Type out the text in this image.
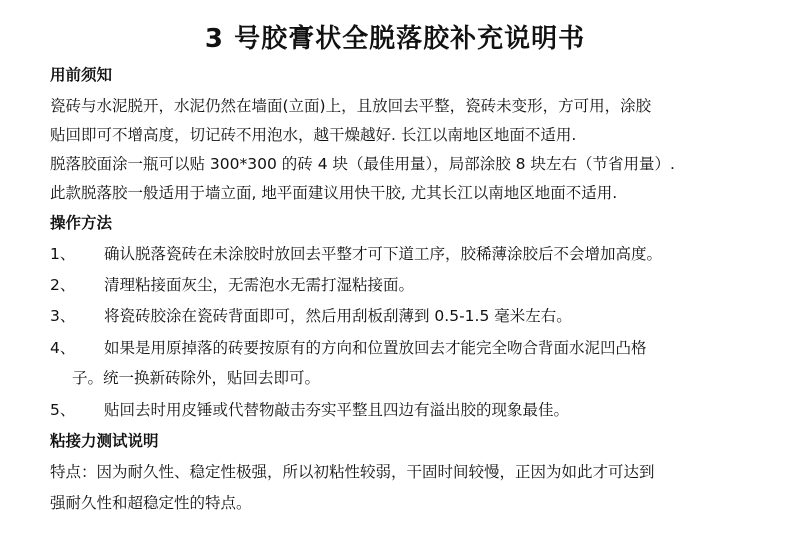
3 号胶膏状全脱落胶补充说明书
用前须知
瓷砖与水泥脱开，水泥仍然在墙面(立面)上，且放回去平整，瓷砖未变形，方可用，涂胶
贴回即可不增高度，切记砖不用泡水，越干燥越好. 长江以南地区地面不适用.
脱落胶面涂一瓶可以贴 300*300 的砖 4 块（最佳用量），局部涂胶 8 块左右（节省用量）.
此款脱落胶一般适用于墙立面, 地平面建议用快干胶, 尤其长江以南地区地面不适用.
操作方法
1、 确认脱落瓷砖在未涂胶时放回去平整才可下道工序，胶稀薄涂胶后不会增加高度。
2、 清理粘接面灰尘，无需泡水无需打湿粘接面。
3、 将瓷砖胶涂在瓷砖背面即可，然后用刮板刮薄到 0.5-1.5 毫米左右。
4、 如果是用原掉落的砖要按原有的方向和位置放回去才能完全吻合背面水泥凹凸格
子。统一换新砖除外，贴回去即可。
5、 贴回去时用皮锤或代替物敲击夯实平整且四边有溢出胶的现象最佳。
粘接力测试说明
特点：因为耐久性、稳定性极强，所以初粘性较弱，干固时间较慢，正因为如此才可达到
强耐久性和超稳定性的特点。
